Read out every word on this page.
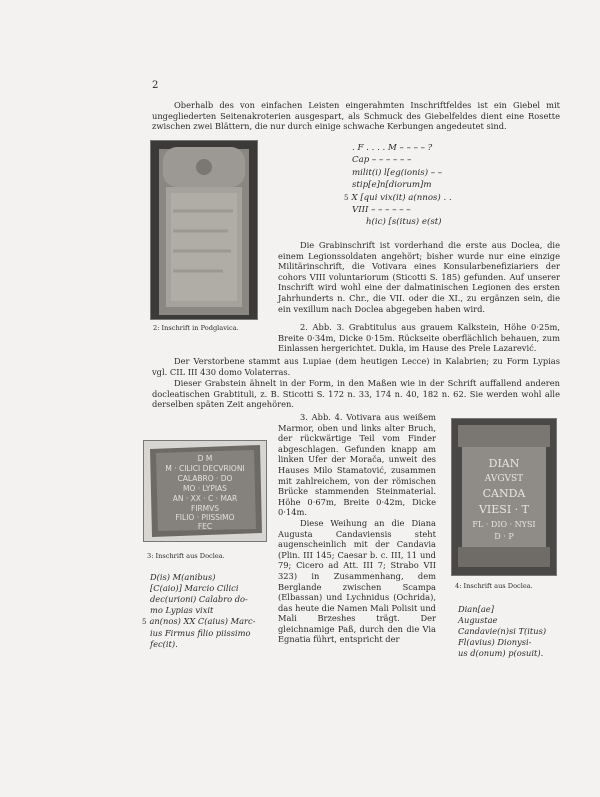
2
Oberhalb des von einfachen Leisten eingerahmten Inschriftfeldes ist ein Giebel mit ungegliederten Seitenakroterien ausgespart, als Schmuck des Giebelfeldes dient eine Rosette zwischen zwei Blättern, die nur durch einige schwache Kerbungen angedeutet sind.
2: Inschrift in Podglavica.
. F . . . . M – – – – ?
Cap – – – – – –
milit(i) l[eg(ionis) – –
stip[e]n[diorum]m
5 X [qui vix(it) a(nnos) . .
VIII – – – – – –
h(ic) [s(itus) e(st)
Die Grabinschrift ist vorderhand die erste aus Doclea, die einem Legionssoldaten angehört; bisher wurde nur eine einzige Militärinschrift, die Votivara eines Konsularbenefiziariers der cohors VIII voluntariorum (Sticotti S. 185) gefunden. Auf unserer Inschrift wird wohl eine der dalmatinischen Legionen des ersten Jahrhunderts n. Chr., die VII. oder die XI., zu ergänzen sein, die ein vexillum nach Doclea abgegeben haben wird.
2. Abb. 3. Grabtitulus aus grauem Kalkstein, Höhe 0·25m, Breite 0·34m, Dicke 0·15m. Rückseite oberflächlich behauen, zum Einlassen hergerichtet. Dukla, im Hause des Prele Lazarević.
Der Verstorbene stammt aus Lupiae (dem heutigen Lecce) in Kalabrien; zu Form Lypias vgl. CIL III 430 domo Volaterras.
Dieser Grabstein ähnelt in der Form, in den Maßen wie in der Schrift auffallend anderen docleatischen Grabtituli, z. B. Sticotti S. 172 n. 33, 174 n. 40, 182 n. 62. Sie werden wohl alle derselben späten Zeit angehören.
D M
M · CILICI DECVRIONI
CALABRO · DO
MO · LYPIAS
AN · XX · C · MAR
FIRMVS
FILIO · PIISSIMO
FEC
3: Inschrift aus Doclea.
3. Abb. 4. Votivara aus weißem Marmor, oben und links alter Bruch, der rückwärtige Teil vom Finder abgeschlagen. Gefunden knapp am linken Ufer der Morača, unweit des Hauses Milo Stamatović, zusammen mit zahlreichem, von der römischen Brücke stammenden Steinmaterial. Höhe 0·67m, Breite 0·42m, Dicke 0·14m.
Diese Weihung an die Diana Augusta Candaviensis steht augenscheinlich mit der Candavia (Plin. III 145; Caesar b. c. III, 11 und 79; Cicero ad Att. III 7; Strabo VII 323) in Zusammenhang, dem Berglande zwischen Scampa (Elbassan) und Lychnidus (Ochrida), das heute die Namen Mali Polisit und Mali Brzeshes trägt. Der gleichnamige Paß, durch den die Via Egnatia führt, entspricht der
DIAN
AVGVST
CANDA
VIESI · T
FL · DIO · NYSI
D · P
4: Inschrift aus Doclea.
D(is) M(anibus)
[C(aio)] Marcio Cilici
dec(urioni) Calabro do-
mo Lypias vixit
5 an(nos) XX C(aius) Marc-
ius Firmus filio piissimo
fec(it).
Dian[ae]
Augustae
Candavie(n)si T(itus)
Fl(avius) Dionysi-
us d(onum) p(osuit).
